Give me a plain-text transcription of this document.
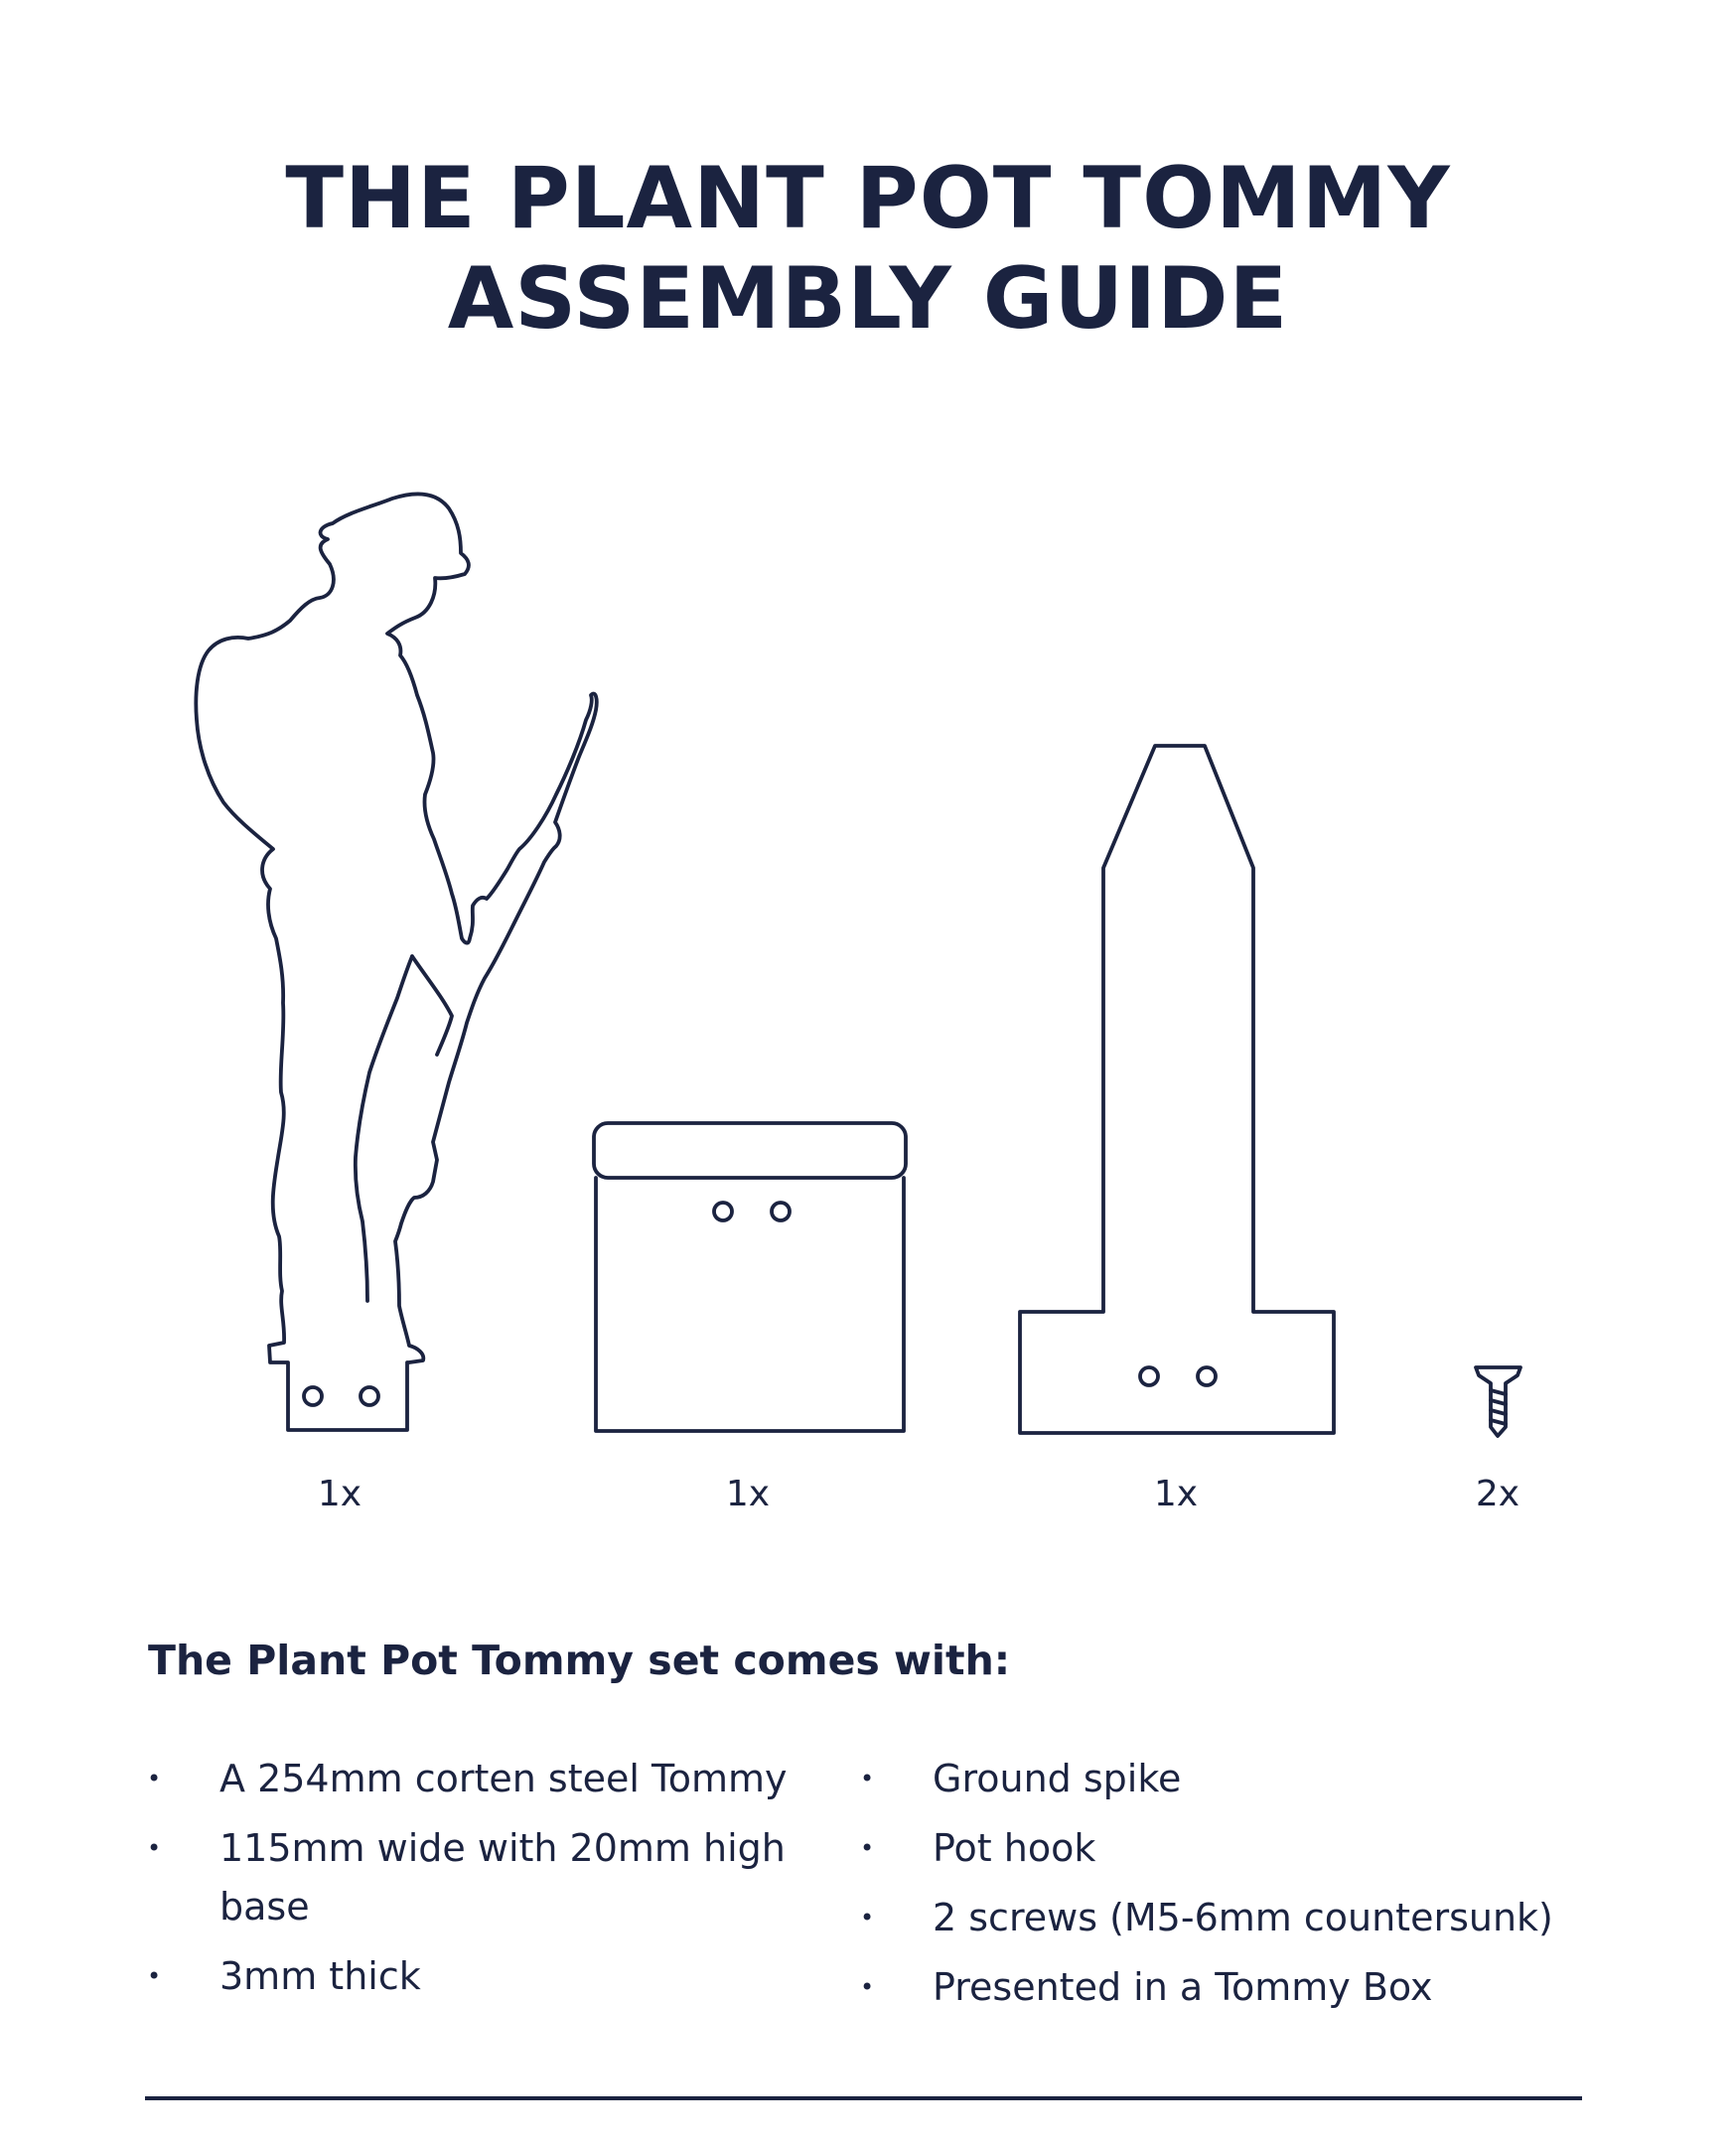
THE PLANT POT TOMMY
ASSEMBLY GUIDE
1x	1x	1x	2x
The Plant Pot Tommy set comes with:
• A 254mm corten steel Tommy
• 115mm wide with 20mm high base
• 3mm thick
• Ground spike
• Pot hook
• 2 screws (M5-6mm countersunk)
• Presented in a Tommy Box
